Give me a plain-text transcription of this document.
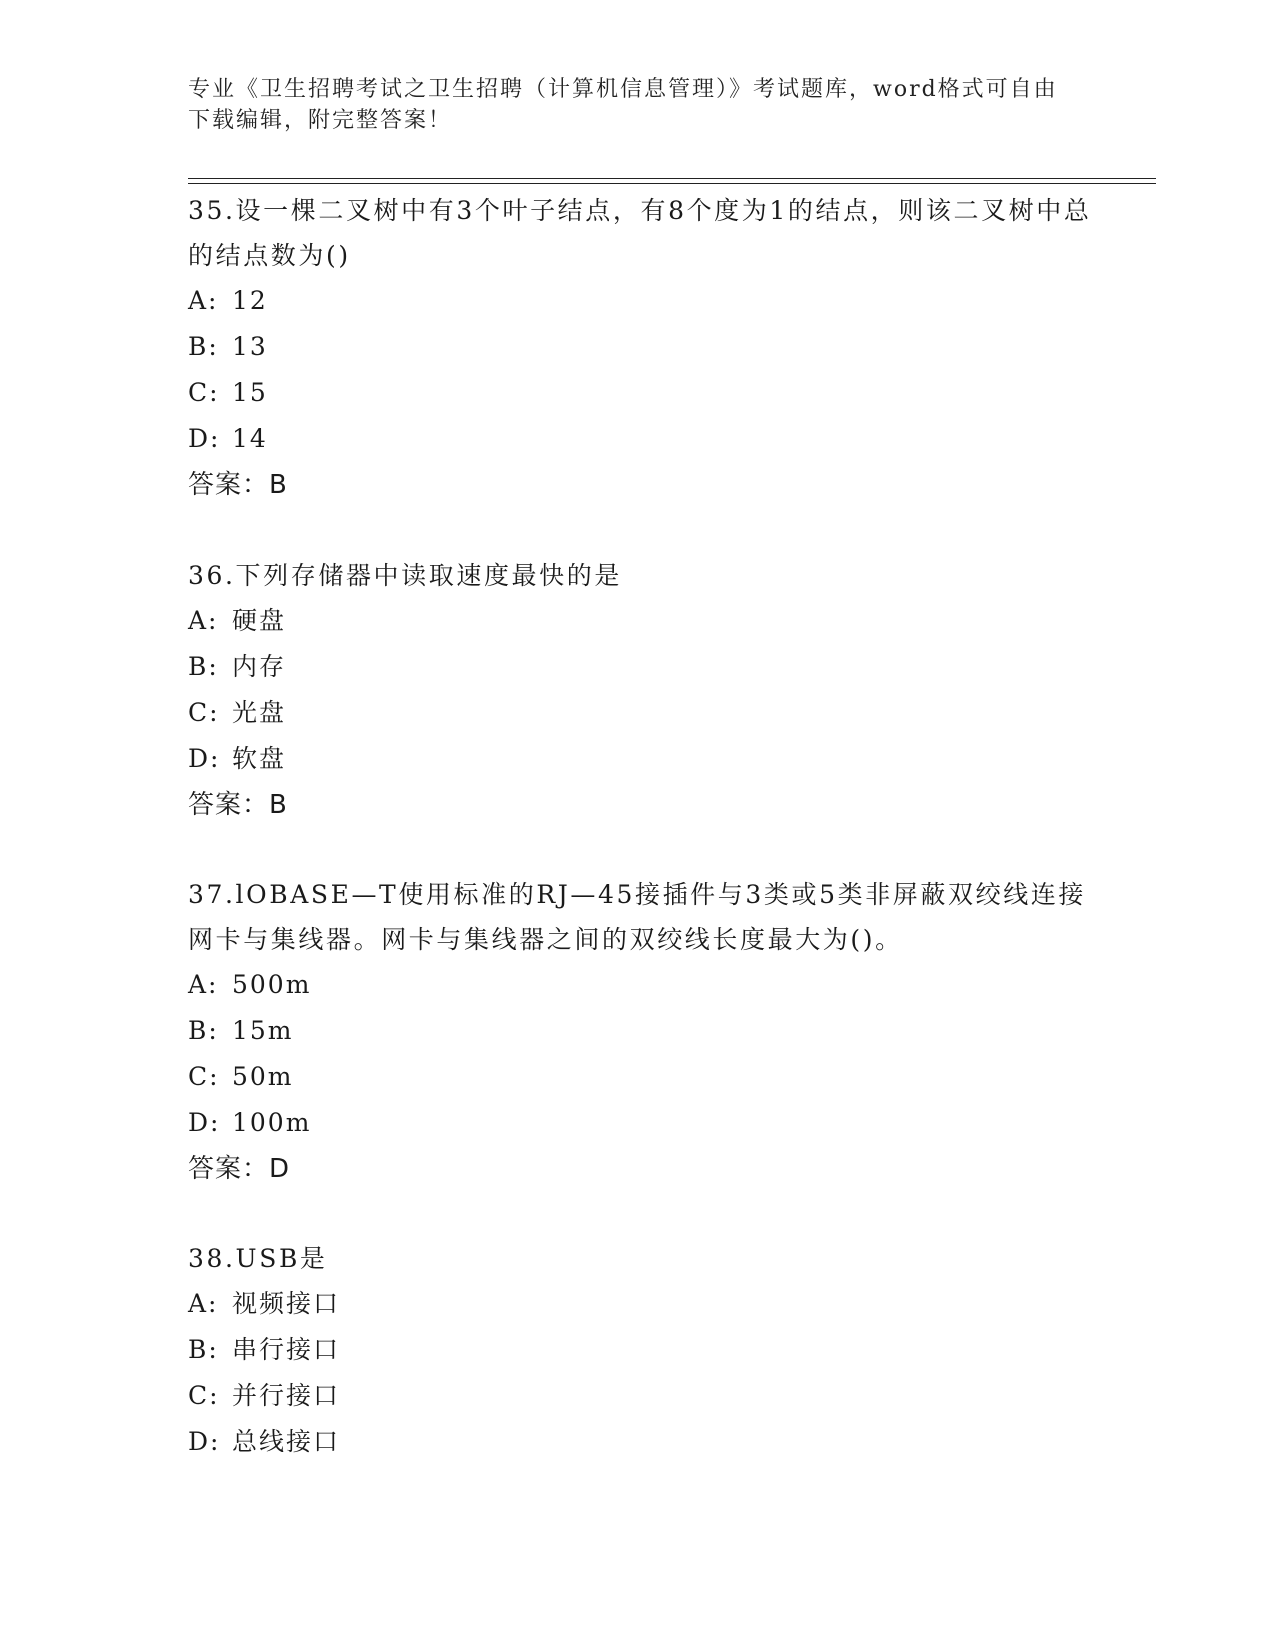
专业《卫生招聘考试之卫生招聘（计算机信息管理）》考试题库，word格式可自由下载编辑，附完整答案！

35.设一棵二叉树中有3个叶子结点，有8个度为1的结点，则该二叉树中总的结点数为()

A: 12

B: 13

C: 15

D: 14

答案：B

36.下列存储器中读取速度最快的是

A: 硬盘

B: 内存

C: 光盘

D: 软盘

答案：B

37.lOBASE—T使用标准的RJ—45接插件与3类或5类非屏蔽双绞线连接网卡与集线器。网卡与集线器之间的双绞线长度最大为()。

A: 500m

B: 15m

C: 50m

D: 100m

答案：D

38.USB是

A: 视频接口

B: 串行接口

C: 并行接口

D: 总线接口
